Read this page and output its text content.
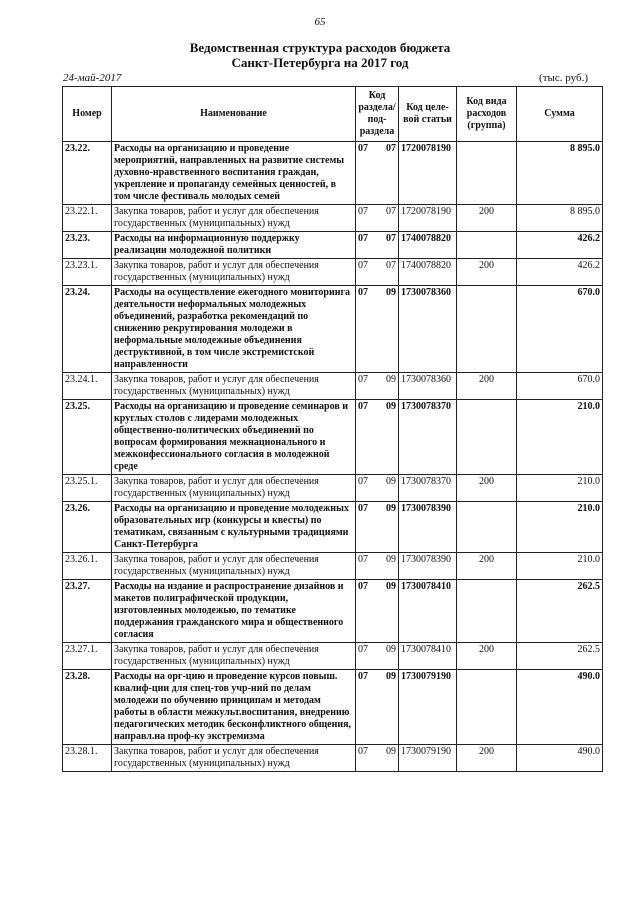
65
Ведомственная структура расходов бюджета
Санкт-Петербурга на 2017 год
24-май-2017	(тыс. руб.)
Номер	Наименование	Код раздела/ под-раздела	Код целе-вой статьи	Код вида расходов (группа)	Сумма
23.22.	Расходы на организацию и проведение мероприятий, направленных на развитие системы духовно-нравственного воспитания граждан, укрепление и пропаганду семейных ценностей, в том числе фестиваль молодых семей	07 07	1720078190		8 895.0
23.22.1.	Закупка товаров, работ и услуг для обеспечения государственных (муниципальных) нужд	07 07	1720078190	200	8 895.0
23.23.	Расходы на информационную поддержку реализации молодежной политики	07 07	1740078820		426.2
23.23.1.	Закупка товаров, работ и услуг для обеспечения государственных (муниципальных) нужд	07 07	1740078820	200	426.2
23.24.	Расходы на осуществление ежегодного мониторинга деятельности неформальных молодежных объединений, разработка рекомендаций по снижению рекрутирования молодежи в неформальные молодежные объединения деструктивной, в том числе экстремистской направленности	07 09	1730078360		670.0
23.24.1.	Закупка товаров, работ и услуг для обеспечения государственных (муниципальных) нужд	07 09	1730078360	200	670.0
23.25.	Расходы на организацию и проведение семинаров и круглых столов с лидерами молодежных общественно-политических объединений по вопросам формирования межнационального и межконфессионального согласия в молодежной среде	07 09	1730078370		210.0
23.25.1.	Закупка товаров, работ и услуг для обеспечения государственных (муниципальных) нужд	07 09	1730078370	200	210.0
23.26.	Расходы на организацию и проведение молодежных образовательных игр (конкурсы и квесты) по тематикам, связанным с культурными традициями Санкт-Петербурга	07 09	1730078390		210.0
23.26.1.	Закупка товаров, работ и услуг для обеспечения государственных (муниципальных) нужд	07 09	1730078390	200	210.0
23.27.	Расходы на издание и распространение дизайнов и макетов полиграфической продукции, изготовленных молодежью, по тематике поддержания гражданского мира и общественного согласия	07 09	1730078410		262.5
23.27.1.	Закупка товаров, работ и услуг для обеспечения государственных (муниципальных) нужд	07 09	1730078410	200	262.5
23.28.	Расходы на орг-цию и проведение курсов повыш. квалиф-ции для спец-тов учр-ний по делам молодежи по обучению принципам и методам работы в области межкульт.воспитания, внедрению педагогических методик бесконфликтного общения, направл.на проф-ку экстремизма	07 09	1730079190		490.0
23.28.1.	Закупка товаров, работ и услуг для обеспечения государственных (муниципальных) нужд	07 09	1730079190	200	490.0
